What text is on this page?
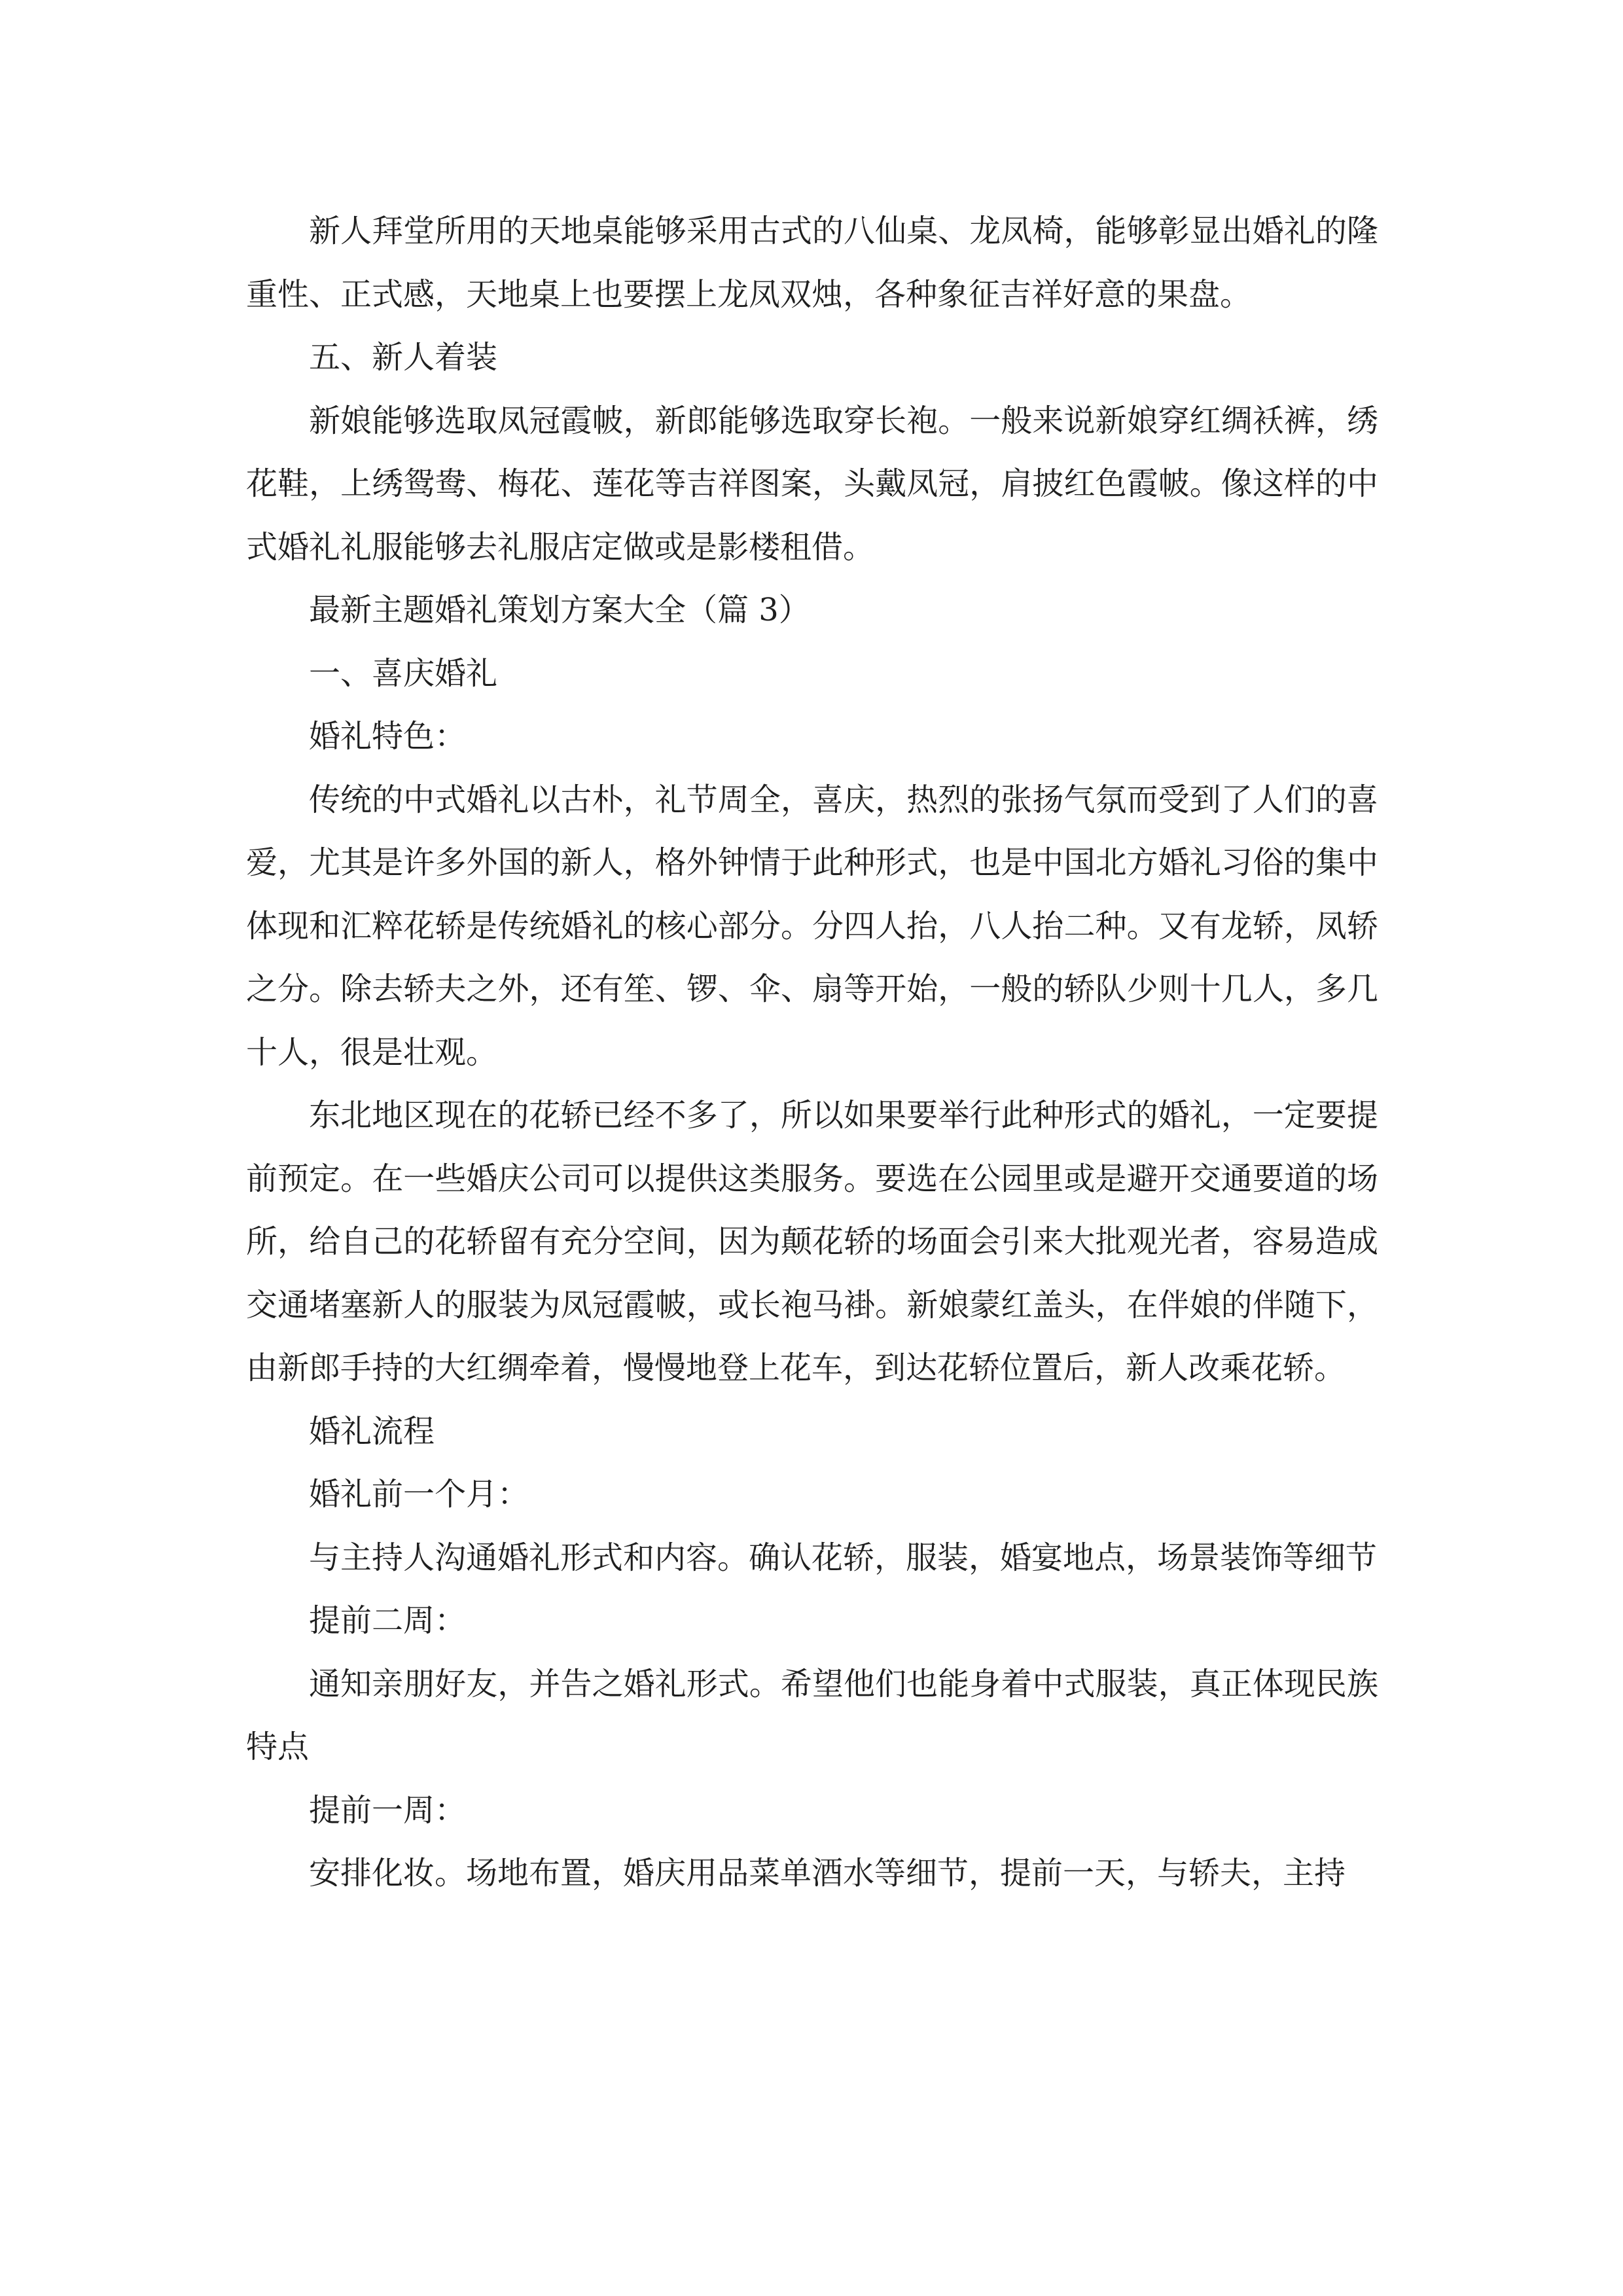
新人拜堂所用的天地桌能够采用古式的八仙桌、龙凤椅，能够彰显出婚礼的隆重性、正式感，天地桌上也要摆上龙凤双烛，各种象征吉祥好意的果盘。

五、新人着装

新娘能够选取凤冠霞帔，新郎能够选取穿长袍。一般来说新娘穿红绸袄裤，绣花鞋，上绣鸳鸯、梅花、莲花等吉祥图案，头戴凤冠，肩披红色霞帔。像这样的中式婚礼礼服能够去礼服店定做或是影楼租借。

最新主题婚礼策划方案大全（篇 3）

一、喜庆婚礼

婚礼特色：

传统的中式婚礼以古朴，礼节周全，喜庆，热烈的张扬气氛而受到了人们的喜爱，尤其是许多外国的新人，格外钟情于此种形式，也是中国北方婚礼习俗的集中体现和汇粹花轿是传统婚礼的核心部分。分四人抬，八人抬二种。又有龙轿，凤轿之分。除去轿夫之外，还有笙、锣、伞、扇等开始，一般的轿队少则十几人，多几十人，很是壮观。

东北地区现在的花轿已经不多了，所以如果要举行此种形式的婚礼，一定要提前预定。在一些婚庆公司可以提供这类服务。要选在公园里或是避开交通要道的场所，给自己的花轿留有充分空间，因为颠花轿的场面会引来大批观光者，容易造成交通堵塞新人的服装为凤冠霞帔，或长袍马褂。新娘蒙红盖头，在伴娘的伴随下，由新郎手持的大红绸牵着，慢慢地登上花车，到达花轿位置后，新人改乘花轿。

婚礼流程

婚礼前一个月：

与主持人沟通婚礼形式和内容。确认花轿，服装，婚宴地点，场景装饰等细节

提前二周：

通知亲朋好友，并告之婚礼形式。希望他们也能身着中式服装，真正体现民族特点

提前一周：

安排化妆。场地布置，婚庆用品菜单酒水等细节，提前一天，与轿夫，主持
